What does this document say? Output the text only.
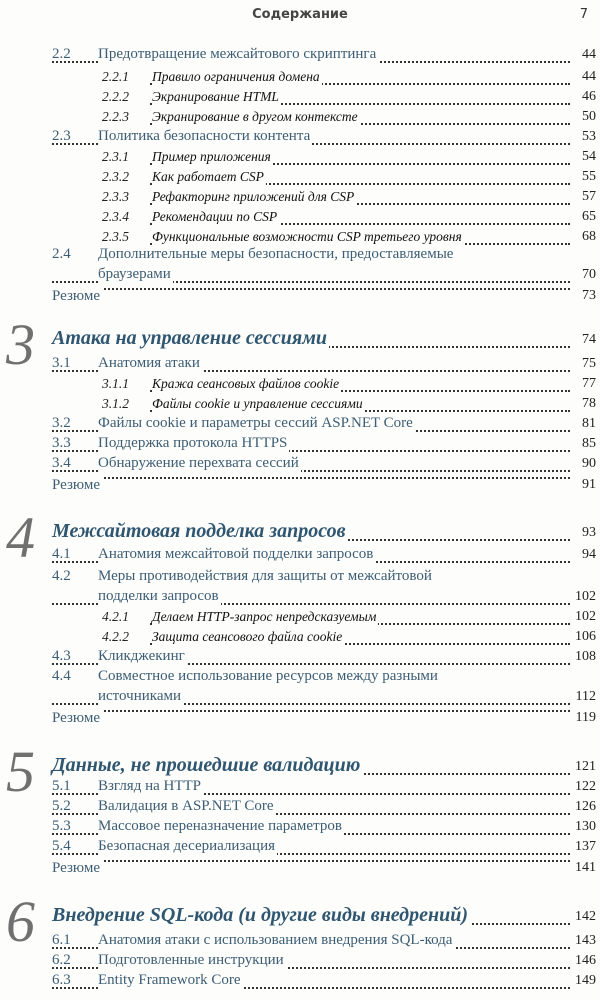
Содержание	7
2.2 Предотвращение межсайтового скриптинга	44
2.2.1 Правило ограничения домена	44
2.2.2 Экранирование HTML	46
2.2.3 Экранирование в другом контексте	50
2.3 Политика безопасности контента	53
2.3.1 Пример приложения	54
2.3.2 Как работает CSP	55
2.3.3 Рефакторинг приложений для CSP	57
2.3.4 Рекомендации по CSP	65
2.3.5 Функциональные возможности CSP третьего уровня	68
2.4 Дополнительные меры безопасности, предоставляемые
браузерами	70
Резюме	73
3 Атака на управление сессиями	74
3.1 Анатомия атаки	75
3.1.1 Кража сеансовых файлов cookie	77
3.1.2 Файлы cookie и управление сессиями	78
3.2 Файлы cookie и параметры сессий ASP.NET Core	81
3.3 Поддержка протокола HTTPS	85
3.4 Обнаружение перехвата сессий	90
Резюме	91
4 Межсайтовая подделка запросов	93
4.1 Анатомия межсайтовой подделки запросов	94
4.2 Меры противодействия для защиты от межсайтовой
подделки запросов	102
4.2.1 Делаем HTTP-запрос непредсказуемым	102
4.2.2 Защита сеансового файла cookie	106
4.3 Кликджекинг	108
4.4 Совместное использование ресурсов между разными
источниками	112
Резюме	119
5 Данные, не прошедшие валидацию	121
5.1 Взгляд на HTTP	122
5.2 Валидация в ASP.NET Core	126
5.3 Массовое переназначение параметров	130
5.4 Безопасная десериализация	137
Резюме	141
6 Внедрение SQL-кода (и другие виды внедрений)	142
6.1 Анатомия атаки с использованием внедрения SQL-кода	143
6.2 Подготовленные инструкции	146
6.3 Entity Framework Core	149
